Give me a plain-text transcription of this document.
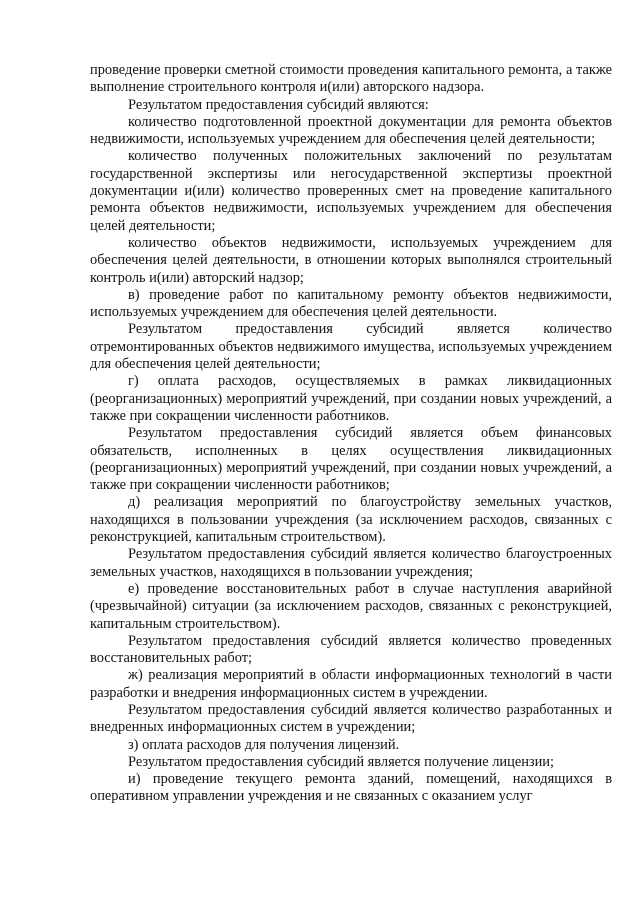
проведение проверки сметной стоимости проведения капитального ремонта, а также выполнение строительного контроля и(или) авторского надзора.

Результатом предоставления субсидий являются:

количество подготовленной проектной документации для ремонта объектов недвижимости, используемых учреждением для обеспечения целей деятельности;

количество полученных положительных заключений по результатам государственной экспертизы или негосударственной экспертизы проектной документации и(или) количество проверенных смет на проведение капитального ремонта объектов недвижимости, используемых учреждением для обеспечения целей деятельности;

количество объектов недвижимости, используемых учреждением для обеспечения целей деятельности, в отношении которых выполнялся строительный контроль и(или) авторский надзор;

в) проведение работ по капитальному ремонту объектов недвижимости, используемых учреждением для обеспечения целей деятельности.

Результатом предоставления субсидий является количество отремонтированных объектов недвижимого имущества, используемых учреждением для обеспечения целей деятельности;

г) оплата расходов, осуществляемых в рамках ликвидационных (реорганизационных) мероприятий учреждений, при создании новых учреждений, а также при сокращении численности работников.

Результатом предоставления субсидий является объем финансовых обязательств, исполненных в целях осуществления ликвидационных (реорганизационных) мероприятий учреждений, при создании новых учреждений, а также при сокращении численности работников;

д) реализация мероприятий по благоустройству земельных участков, находящихся в пользовании учреждения (за исключением расходов, связанных с реконструкцией, капитальным строительством).

Результатом предоставления субсидий является количество благоустроенных земельных участков, находящихся в пользовании учреждения;

е) проведение восстановительных работ в случае наступления аварийной (чрезвычайной) ситуации (за исключением расходов, связанных с реконструкцией, капитальным строительством).

Результатом предоставления субсидий является количество проведенных восстановительных работ;

ж) реализация мероприятий в области информационных технологий в части разработки и внедрения информационных систем в учреждении.

Результатом предоставления субсидий является количество разработанных и внедренных информационных систем в учреждении;

з) оплата расходов для получения лицензий.

Результатом предоставления субсидий является получение лицензии;

и) проведение текущего ремонта зданий, помещений, находящихся в оперативном управлении учреждения и не связанных с оказанием услуг
